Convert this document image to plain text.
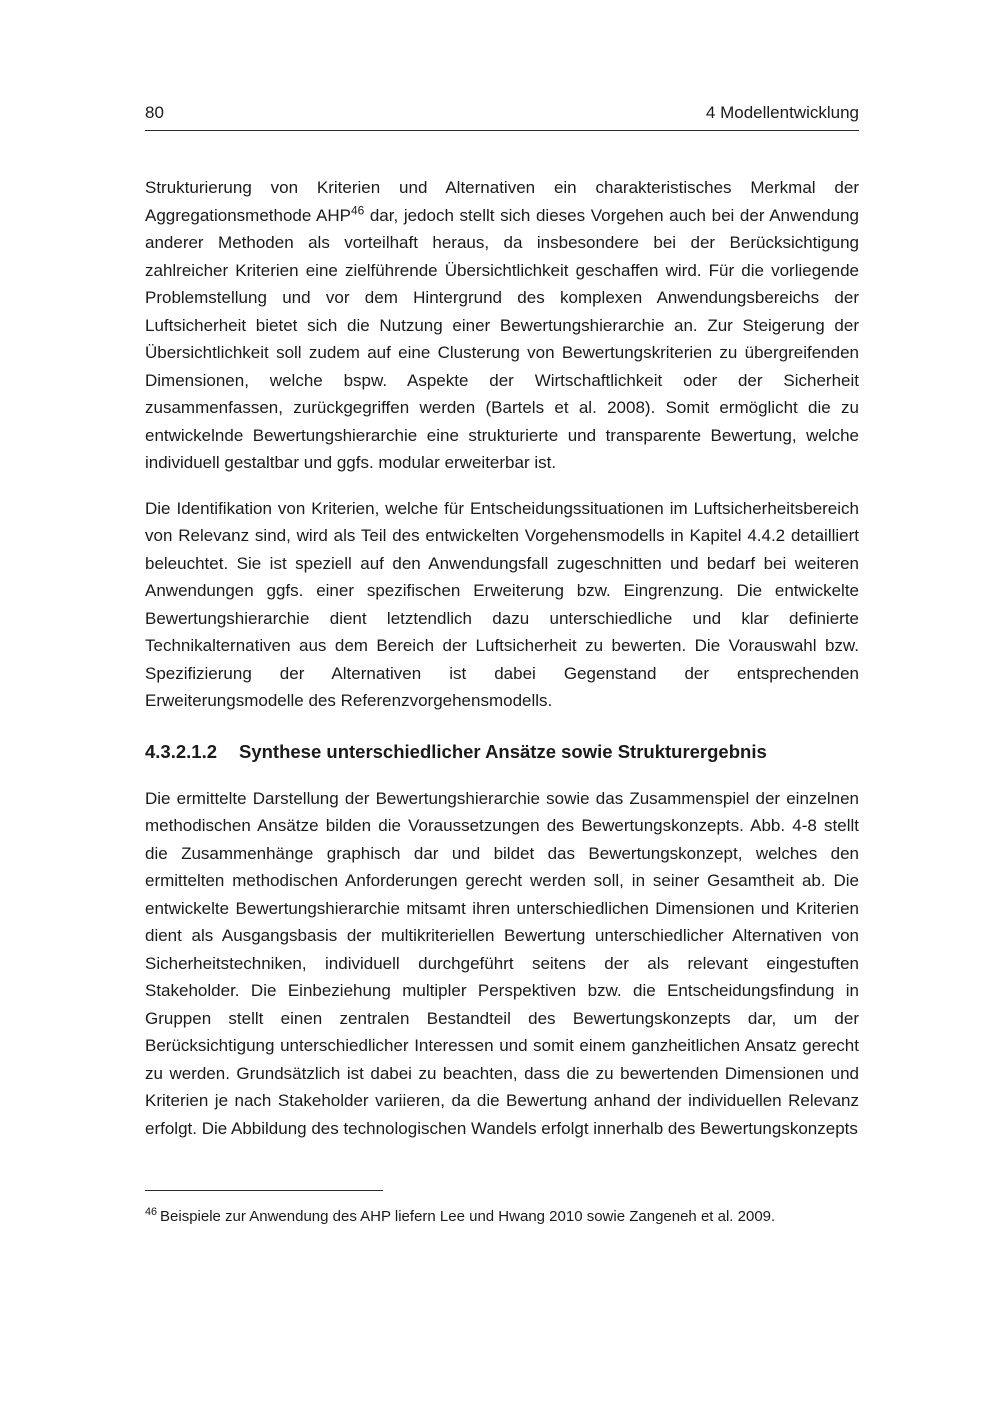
80	4 Modellentwicklung

Strukturierung von Kriterien und Alternativen ein charakteristisches Merkmal der Aggregationsmethode AHP$^{46}$ dar, jedoch stellt sich dieses Vorgehen auch bei der Anwendung anderer Methoden als vorteilhaft heraus, da insbesondere bei der Berücksichtigung zahlreicher Kriterien eine zielführende Übersichtlichkeit geschaffen wird. Für die vorliegende Problemstellung und vor dem Hintergrund des komplexen Anwendungsbereichs der Luftsicherheit bietet sich die Nutzung einer Bewertungshierarchie an. Zur Steigerung der Übersichtlichkeit soll zudem auf eine Clusterung von Bewertungskriterien zu übergreifenden Dimensionen, welche bspw. Aspekte der Wirtschaftlichkeit oder der Sicherheit zusammenfassen, zurückgegriffen werden (Bartels et al. 2008). Somit ermöglicht die zu entwickelnde Bewertungshierarchie eine strukturierte und transparente Bewertung, welche individuell gestaltbar und ggfs. modular erweiterbar ist.

Die Identifikation von Kriterien, welche für Entscheidungssituationen im Luftsicherheitsbereich von Relevanz sind, wird als Teil des entwickelten Vorgehensmodells in Kapitel 4.4.2 detailliert beleuchtet. Sie ist speziell auf den Anwendungsfall zugeschnitten und bedarf bei weiteren Anwendungen ggfs. einer spezifischen Erweiterung bzw. Eingrenzung. Die entwickelte Bewertungshierarchie dient letztendlich dazu unterschiedliche und klar definierte Technikalternativen aus dem Bereich der Luftsicherheit zu bewerten. Die Vorauswahl bzw. Spezifizierung der Alternativen ist dabei Gegenstand der entsprechenden Erweiterungsmodelle des Referenzvorgehensmodells.

4.3.2.1.2	Synthese unterschiedlicher Ansätze sowie Strukturergebnis

Die ermittelte Darstellung der Bewertungshierarchie sowie das Zusammenspiel der einzelnen methodischen Ansätze bilden die Voraussetzungen des Bewertungskonzepts. Abb. 4-8 stellt die Zusammenhänge graphisch dar und bildet das Bewertungskonzept, welches den ermittelten methodischen Anforderungen gerecht werden soll, in seiner Gesamtheit ab. Die entwickelte Bewertungshierarchie mitsamt ihren unterschiedlichen Dimensionen und Kriterien dient als Ausgangsbasis der multikriteriellen Bewertung unterschiedlicher Alternativen von Sicherheitstechniken, individuell durchgeführt seitens der als relevant eingestuften Stakeholder. Die Einbeziehung multipler Perspektiven bzw. die Entscheidungsfindung in Gruppen stellt einen zentralen Bestandteil des Bewertungskonzepts dar, um der Berücksichtigung unterschiedlicher Interessen und somit einem ganzheitlichen Ansatz gerecht zu werden. Grundsätzlich ist dabei zu beachten, dass die zu bewertenden Dimensionen und Kriterien je nach Stakeholder variieren, da die Bewertung anhand der individuellen Relevanz erfolgt. Die Abbildung des technologischen Wandels erfolgt innerhalb des Bewertungskonzepts

$^{46}$ Beispiele zur Anwendung des AHP liefern Lee und Hwang 2010 sowie Zangeneh et al. 2009.
